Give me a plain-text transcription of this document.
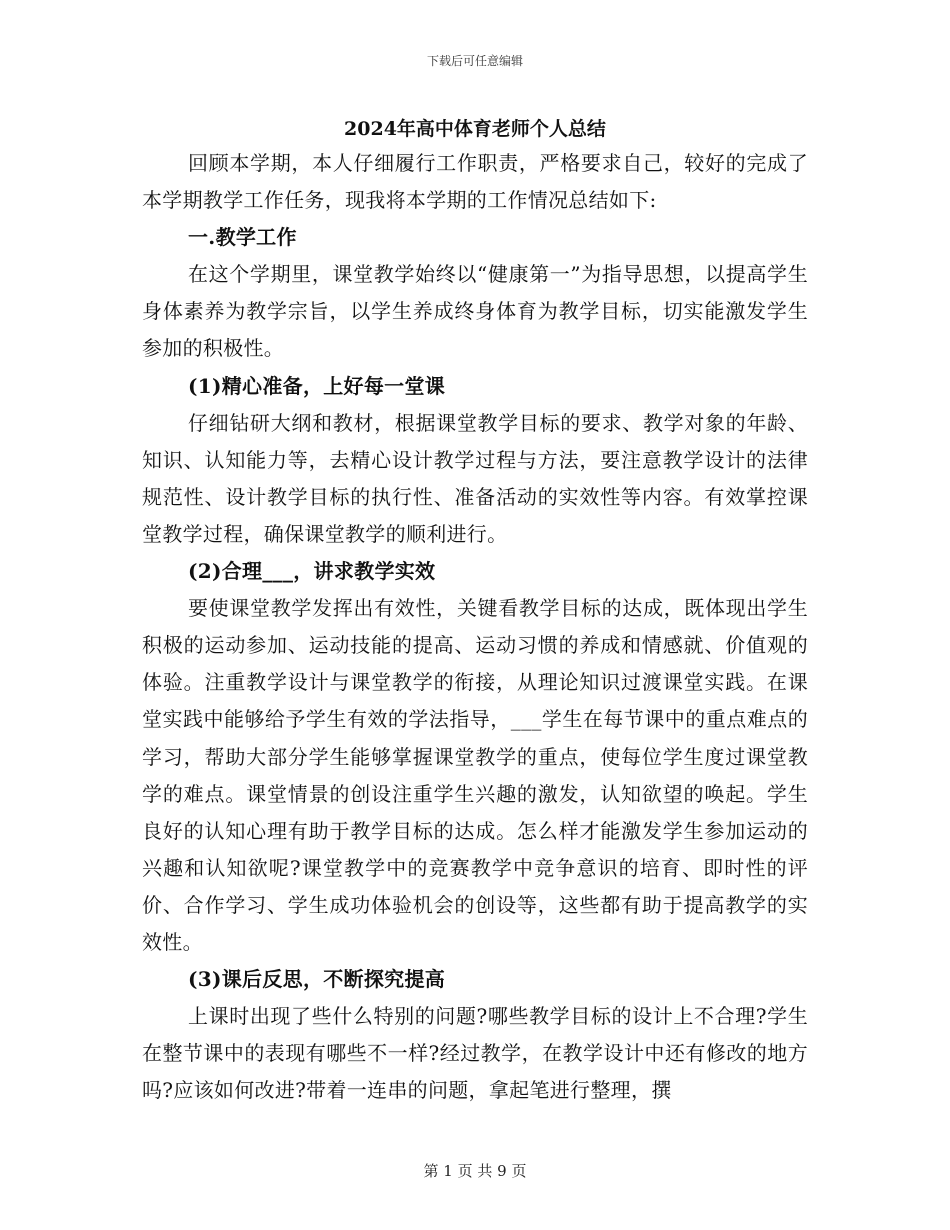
下载后可任意编辑
2024年高中体育老师个人总结

回顾本学期，本人仔细履行工作职责，严格要求自己，较好的完成了本学期教学工作任务，现我将本学期的工作情况总结如下:

一.教学工作

在这个学期里，课堂教学始终以“健康第一”为指导思想，以提高学生身体素养为教学宗旨，以学生养成终身体育为教学目标，切实能激发学生参加的积极性。

(1)精心准备，上好每一堂课

仔细钻研大纲和教材，根据课堂教学目标的要求、教学对象的年龄、知识、认知能力等，去精心设计教学过程与方法，要注意教学设计的法律规范性、设计教学目标的执行性、准备活动的实效性等内容。有效掌控课堂教学过程，确保课堂教学的顺利进行。

(2)合理___，讲求教学实效

要使课堂教学发挥出有效性，关键看教学目标的达成，既体现出学生积极的运动参加、运动技能的提高、运动习惯的养成和情感就、价值观的体验。注重教学设计与课堂教学的衔接，从理论知识过渡课堂实践。在课堂实践中能够给予学生有效的学法指导，___学生在每节课中的重点难点的学习，帮助大部分学生能够掌握课堂教学的重点，使每位学生度过课堂教学的难点。课堂情景的创设注重学生兴趣的激发，认知欲望的唤起。学生良好的认知心理有助于教学目标的达成。怎么样才能激发学生参加运动的兴趣和认知欲呢?课堂教学中的竞赛教学中竞争意识的培育、即时性的评价、合作学习、学生成功体验机会的创设等，这些都有助于提高教学的实效性。

(3)课后反思，不断探究提高

上课时出现了些什么特别的问题?哪些教学目标的设计上不合理?学生在整节课中的表现有哪些不一样?经过教学，在教学设计中还有修改的地方吗?应该如何改进?带着一连串的问题，拿起笔进行整理，撰

第 1 页 共 9 页
